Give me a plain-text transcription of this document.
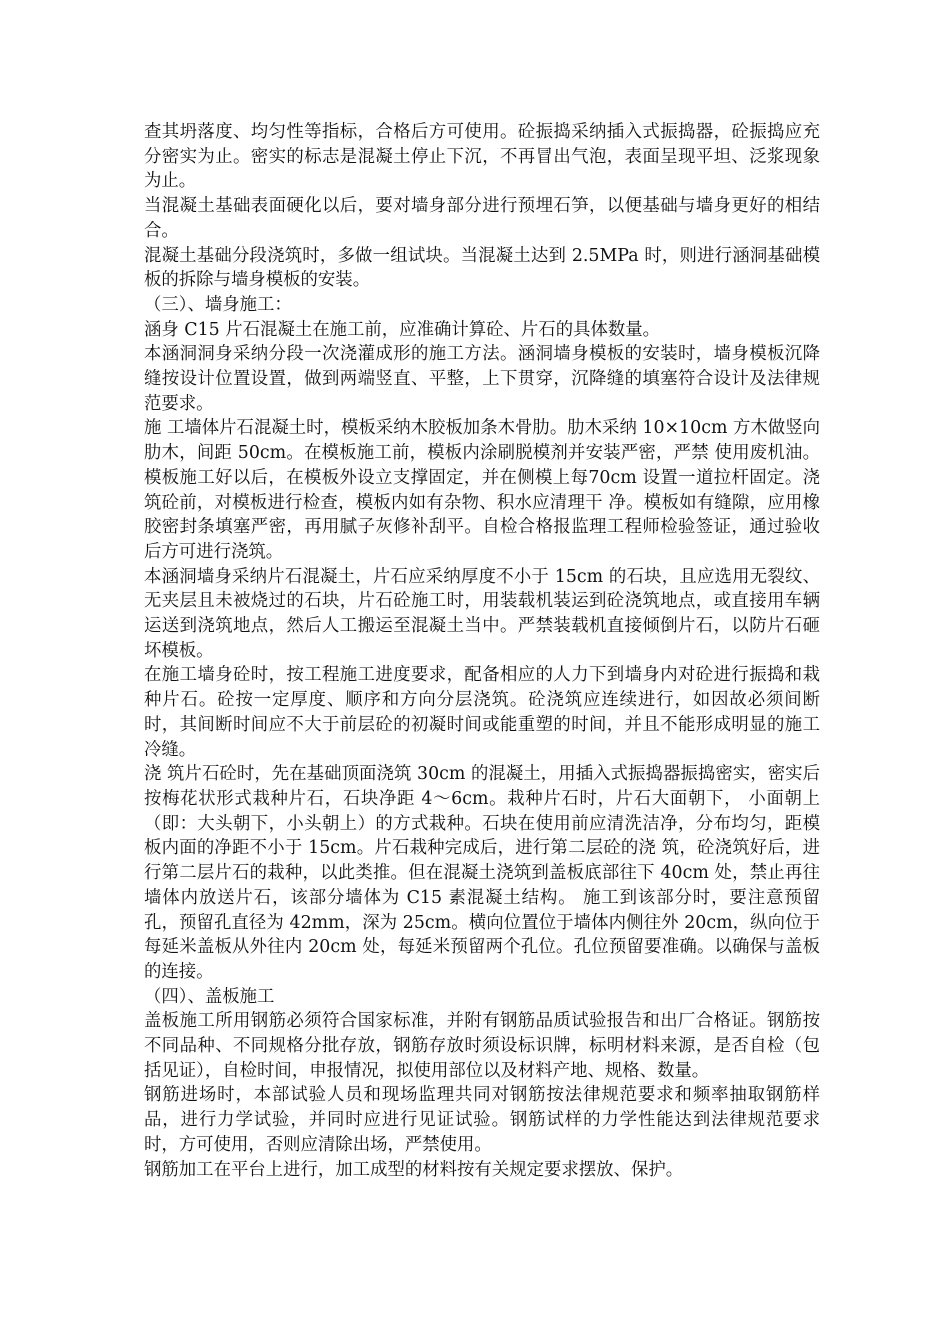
查其坍落度、均匀性等指标，合格后方可使用。砼振捣采纳插入式振捣器，砼振捣应充分密实为止。密实的标志是混凝土停止下沉，不再冒出气泡，表面呈现平坦、泛浆现象为止。

当混凝土基础表面硬化以后，要对墙身部分进行预埋石笋，以便基础与墙身更好的相结合。

混凝土基础分段浇筑时，多做一组试块。当混凝土达到 2.5MPa 时，则进行涵洞基础模板的拆除与墙身模板的安装。

（三）、墙身施工：

涵身 C15 片石混凝土在施工前，应准确计算砼、片石的具体数量。

本涵洞洞身采纳分段一次浇灌成形的施工方法。涵洞墙身模板的安装时，墙身模板沉降缝按设计位置设置，做到两端竖直、平整，上下贯穿，沉降缝的填塞符合设计及法律规范要求。

施 工墙体片石混凝土时，模板采纳木胶板加条木骨肋。肋木采纳 10×10cm 方木做竖向肋木，间距 50cm。在模板施工前，模板内涂刷脱模剂并安装严密，严禁 使用废机油。模板施工好以后，在模板外设立支撑固定，并在侧模上每70cm 设置一道拉杆固定。浇筑砼前，对模板进行检查，模板内如有杂物、积水应清理干 净。模板如有缝隙，应用橡胶密封条填塞严密，再用腻子灰修补刮平。自检合格报监理工程师检验签证，通过验收后方可进行浇筑。

本涵洞墙身采纳片石混凝土，片石应采纳厚度不小于 15cm 的石块，且应选用无裂纹、无夹层且未被烧过的石块，片石砼施工时，用装载机装运到砼浇筑地点，或直接用车辆运送到浇筑地点，然后人工搬运至混凝土当中。严禁装载机直接倾倒片石，以防片石砸坏模板。

在施工墙身砼时，按工程施工进度要求，配备相应的人力下到墙身内对砼进行振捣和栽种片石。砼按一定厚度、顺序和方向分层浇筑。砼浇筑应连续进行，如因故必须间断时，其间断时间应不大于前层砼的初凝时间或能重塑的时间，并且不能形成明显的施工冷缝。

浇 筑片石砼时，先在基础顶面浇筑 30cm 的混凝土，用插入式振捣器振捣密实，密实后按梅花状形式栽种片石，石块净距 4～6cm。栽种片石时，片石大面朝下， 小面朝上（即：大头朝下，小头朝上）的方式栽种。石块在使用前应清洗洁净，分布均匀，距模板内面的净距不小于 15cm。片石栽种完成后，进行第二层砼的浇 筑，砼浇筑好后，进行第二层片石的栽种，以此类推。但在混凝土浇筑到盖板底部往下 40cm 处，禁止再往墙体内放送片石，该部分墙体为 C15 素混凝土结构。 施工到该部分时，要注意预留孔，预留孔直径为 42mm，深为 25cm。横向位置位于墙体内侧往外 20cm，纵向位于每延米盖板从外往内 20cm 处，每延米预留两个孔位。孔位预留要准确。以确保与盖板的连接。

（四）、盖板施工

盖板施工所用钢筋必须符合国家标准，并附有钢筋品质试验报告和出厂合格证。钢筋按不同品种、不同规格分批存放，钢筋存放时须设标识牌，标明材料来源，是否自检（包括见证），自检时间，申报情况，拟使用部位以及材料产地、规格、数量。

钢筋进场时，本部试验人员和现场监理共同对钢筋按法律规范要求和频率抽取钢筋样品，进行力学试验，并同时应进行见证试验。钢筋试样的力学性能达到法律规范要求时，方可使用，否则应清除出场，严禁使用。

钢筋加工在平台上进行，加工成型的材料按有关规定要求摆放、保护。
